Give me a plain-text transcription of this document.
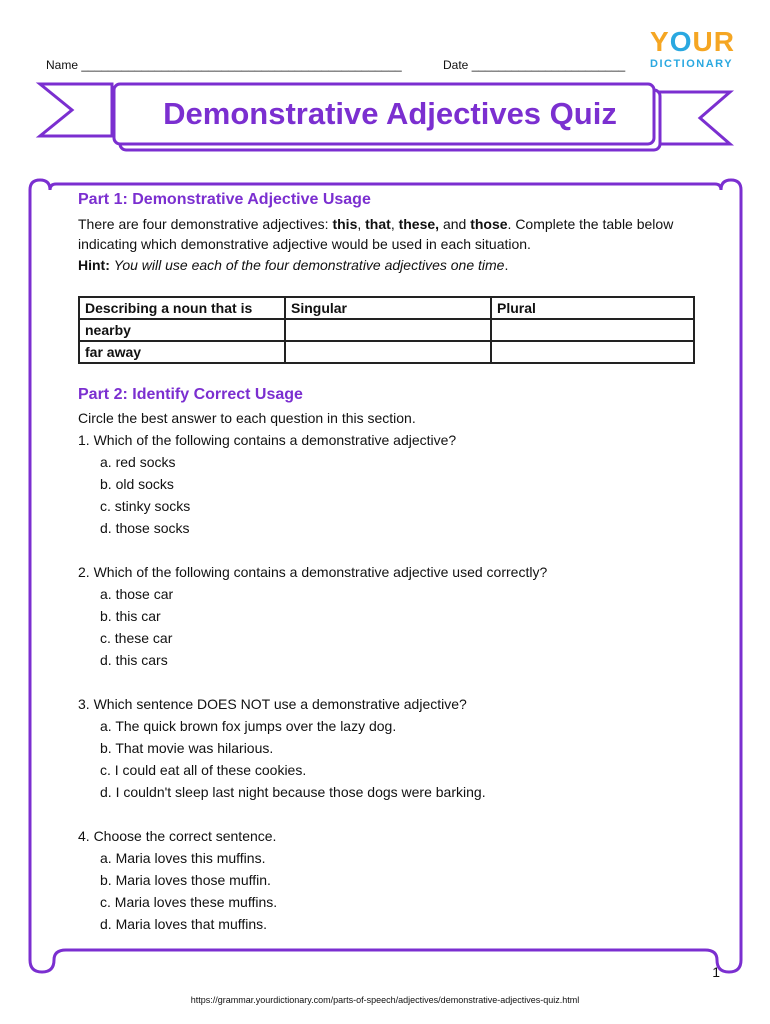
Name ________________________________________________	Date _______________________
YOUR
DICTIONARY
Demonstrative Adjectives Quiz
Part 1: Demonstrative Adjective Usage
There are four demonstrative adjectives: this, that, these, and those. Complete the table below indicating which demonstrative adjective would be used in each situation.
Hint: You will use each of the four demonstrative adjectives one time.
Describing a noun that is	Singular	Plural
nearby		
far away		
Part 2: Identify Correct Usage
Circle the best answer to each question in this section.
1. Which of the following contains a demonstrative adjective?
a. red socks
b. old socks
c. stinky socks
d. those socks
2. Which of the following contains a demonstrative adjective used correctly?
a. those car
b. this car
c. these car
d. this cars
3. Which sentence DOES NOT use a demonstrative adjective?
a. The quick brown fox jumps over the lazy dog.
b. That movie was hilarious.
c. I could eat all of these cookies.
d. I couldn't sleep last night because those dogs were barking.
4. Choose the correct sentence.
a. Maria loves this muffins.
b. Maria loves those muffin.
c. Maria loves these muffins.
d. Maria loves that muffins.
1
https://grammar.yourdictionary.com/parts-of-speech/adjectives/demonstrative-adjectives-quiz.html
